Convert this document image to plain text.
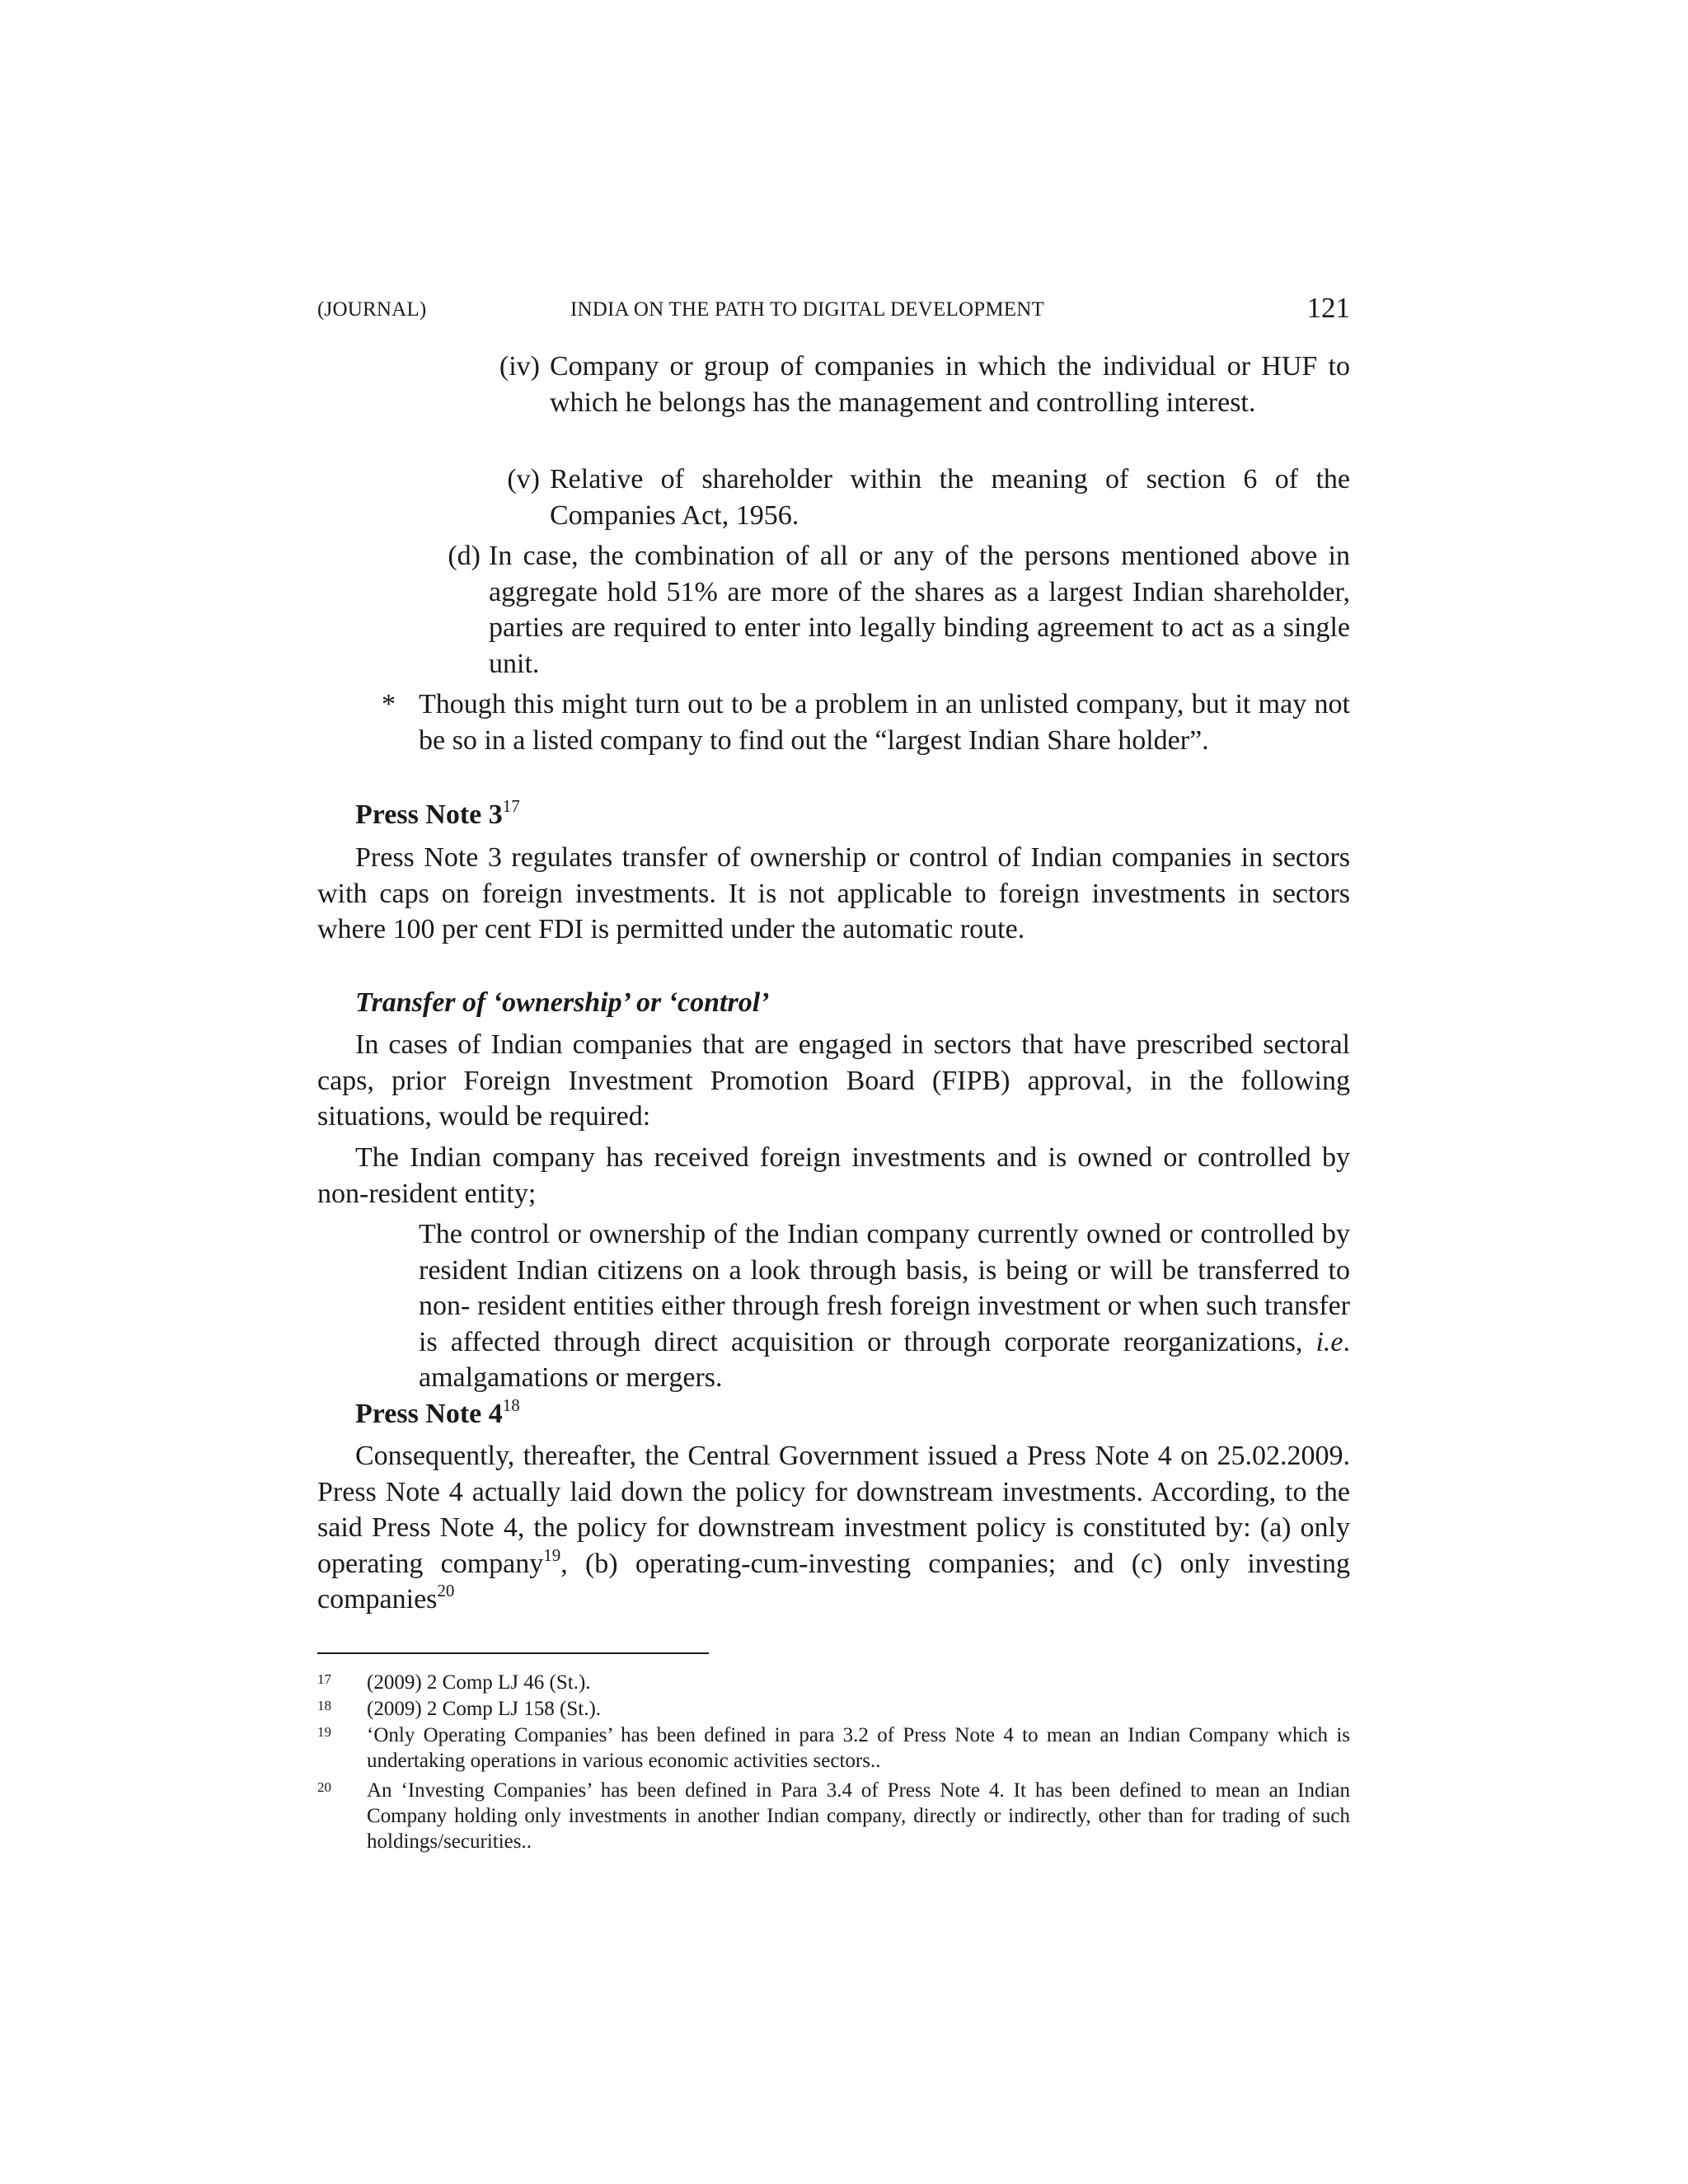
(JOURNAL)	INDIA ON THE PATH TO DIGITAL DEVELOPMENT	121
(iv) Company or group of companies in which the individual or HUF to which he belongs has the management and controlling interest.
(v) Relative of shareholder within the meaning of section 6 of the Companies Act, 1956.
(d) In case, the combination of all or any of the persons mentioned above in aggregate hold 51% are more of the shares as a largest Indian shareholder, parties are required to enter into legally binding agreement to act as a single unit.
* Though this might turn out to be a problem in an unlisted company, but it may not be so in a listed company to find out the “largest Indian Share holder”.
Press Note $3^{17}$
Press Note 3 regulates transfer of ownership or control of Indian companies in sectors with caps on foreign investments. It is not applicable to foreign investments in sectors where 100 per cent FDI is permitted under the automatic route.
Transfer of ‘ownership’ or ‘control’
In cases of Indian companies that are engaged in sectors that have prescribed sectoral caps, prior Foreign Investment Promotion Board (FIPB) approval, in the following situations, would be required:
The Indian company has received foreign investments and is owned or controlled by non-resident entity;
The control or ownership of the Indian company currently owned or controlled by resident Indian citizens on a look through basis, is being or will be transferred to non- resident entities either through fresh foreign investment or when such transfer is affected through direct acquisition or through corporate reorganizations, i.e. amalgamations or mergers.
Press Note $4^{18}$
Consequently, thereafter, the Central Government issued a Press Note 4 on 25.02.2009. Press Note 4 actually laid down the policy for downstream investments. According, to the said Press Note 4, the policy for downstream investment policy is constituted by: (a) only operating company$^{19}$, (b) operating-cum-investing companies; and (c) only investing companies$^{20}$
17 (2009) 2 Comp LJ 46 (St.).
18 (2009) 2 Comp LJ 158 (St.).
19 ‘Only Operating Companies’ has been defined in para 3.2 of Press Note 4 to mean an Indian Company which is undertaking operations in various economic activities sectors..
20 An ‘Investing Companies’ has been defined in Para 3.4 of Press Note 4. It has been defined to mean an Indian Company holding only investments in another Indian company, directly or indirectly, other than for trading of such holdings/securities..
